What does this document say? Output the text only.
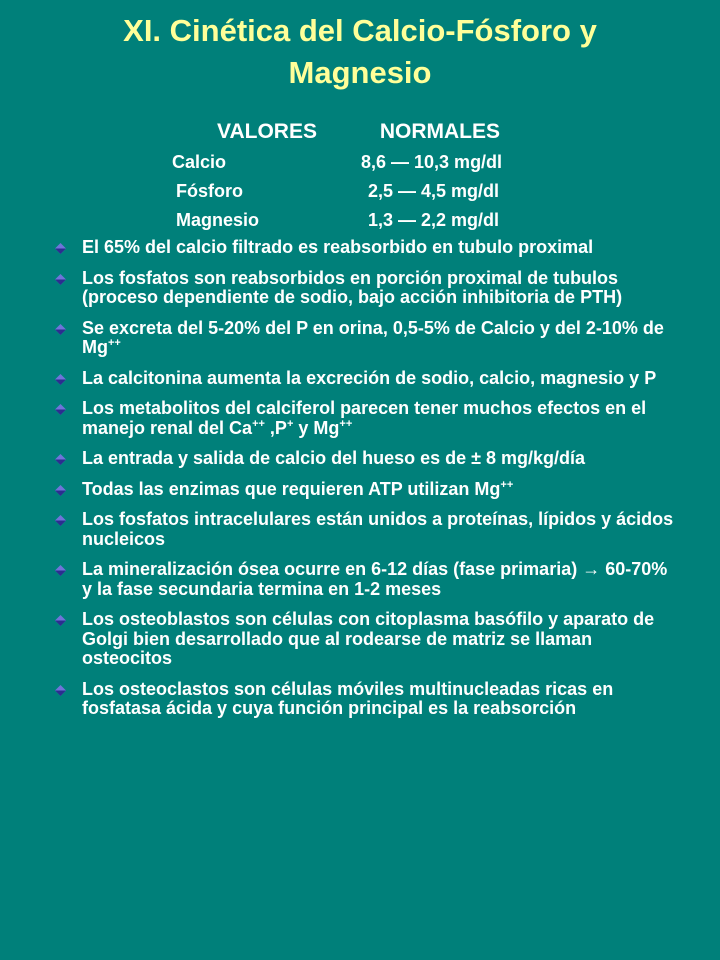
XI. Cinética del Calcio-Fósforo y
Magnesio
VALORES	NORMALES
Calcio	8,6 — 10,3 mg/dl
Fósforo	2,5 — 4,5 mg/dl
Magnesio	1,3 — 2,2 mg/dl
El 65% del calcio filtrado es reabsorbido en tubulo proximal
Los fosfatos son reabsorbidos en porción proximal de tubulos (proceso dependiente de sodio, bajo acción inhibitoria de PTH)
Se excreta del 5-20% del P en orina, 0,5-5% de Calcio y del 2-10% de Mg++
La calcitonina aumenta la excreción de sodio, calcio, magnesio y P
Los metabolitos del calciferol parecen tener muchos efectos en el manejo renal del Ca++ ,P+ y Mg++
La entrada y salida de calcio del hueso es de ± 8 mg/kg/día
Todas las enzimas que requieren ATP utilizan Mg++
Los fosfatos intracelulares están unidos a proteínas, lípidos y ácidos nucleicos
La mineralización ósea ocurre en 6-12 días (fase primaria) → 60-70% y la fase secundaria termina en 1-2 meses
Los osteoblastos son células con citoplasma basófilo y aparato de Golgi bien desarrollado que al rodearse de matriz se llaman osteocitos
Los osteoclastos son células móviles multinucleadas ricas en fosfatasa ácida y cuya función principal es la reabsorción
